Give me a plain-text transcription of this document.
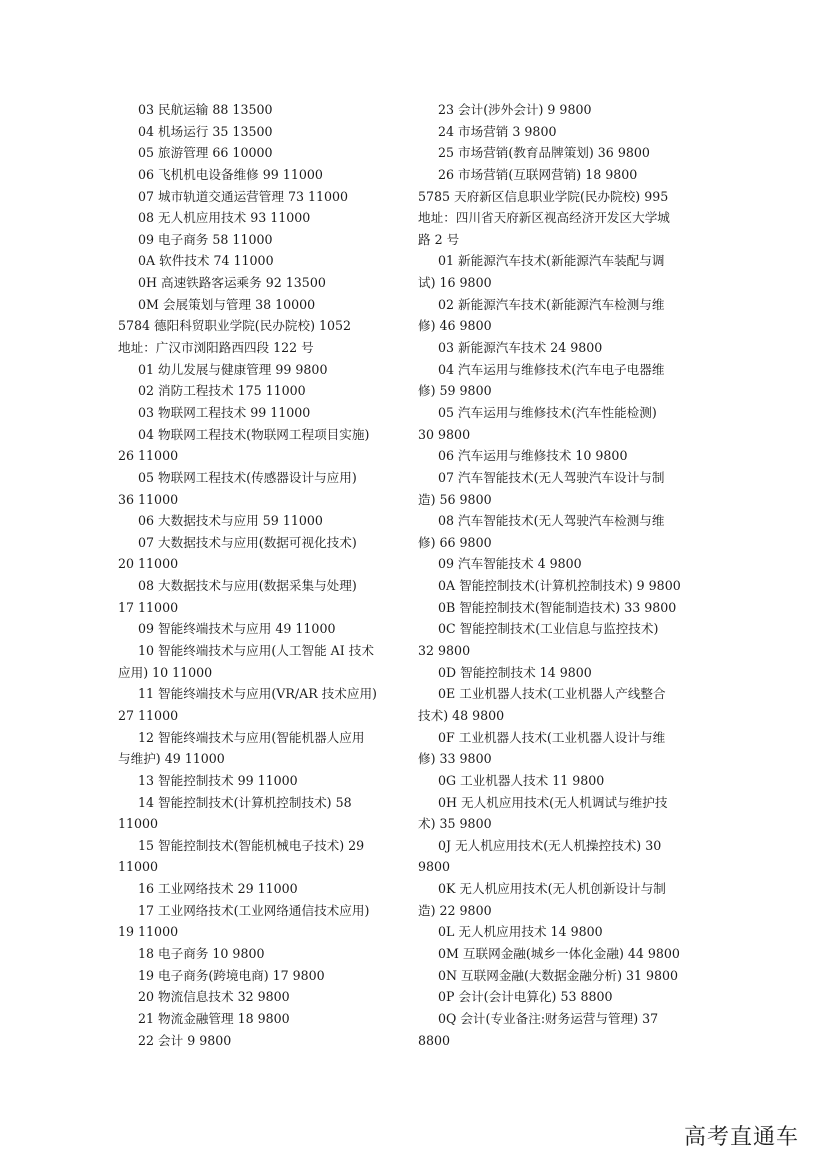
03 民航运输 88 13500
04 机场运行 35 13500
05 旅游管理 66 10000
06 飞机机电设备维修 99 11000
07 城市轨道交通运营管理 73 11000
08 无人机应用技术 93 11000
09 电子商务 58 11000
0A 软件技术 74 11000
0H 高速铁路客运乘务 92 13500
0M 会展策划与管理 38 10000
5784 德阳科贸职业学院(民办院校) 1052
地址：广汉市浏阳路西四段 122 号
01 幼儿发展与健康管理 99 9800
02 消防工程技术 175 11000
03 物联网工程技术 99 11000
04 物联网工程技术(物联网工程项目实施)
26 11000
05 物联网工程技术(传感器设计与应用)
36 11000
06 大数据技术与应用 59 11000
07 大数据技术与应用(数据可视化技术)
20 11000
08 大数据技术与应用(数据采集与处理)
17 11000
09 智能终端技术与应用 49 11000
10 智能终端技术与应用(人工智能 AI 技术
应用) 10 11000
11 智能终端技术与应用(VR/AR 技术应用)
27 11000
12 智能终端技术与应用(智能机器人应用
与维护) 49 11000
13 智能控制技术 99 11000
14 智能控制技术(计算机控制技术) 58
11000
15 智能控制技术(智能机械电子技术) 29
11000
16 工业网络技术 29 11000
17 工业网络技术(工业网络通信技术应用)
19 11000
18 电子商务 10 9800
19 电子商务(跨境电商) 17 9800
20 物流信息技术 32 9800
21 物流金融管理 18 9800
22 会计 9 9800
23 会计(涉外会计) 9 9800
24 市场营销 3 9800
25 市场营销(教育品牌策划) 36 9800
26 市场营销(互联网营销) 18 9800
5785 天府新区信息职业学院(民办院校) 995
地址：四川省天府新区视高经济开发区大学城
路 2 号
01 新能源汽车技术(新能源汽车装配与调
试) 16 9800
02 新能源汽车技术(新能源汽车检测与维
修) 46 9800
03 新能源汽车技术 24 9800
04 汽车运用与维修技术(汽车电子电器维
修) 59 9800
05 汽车运用与维修技术(汽车性能检测)
30 9800
06 汽车运用与维修技术 10 9800
07 汽车智能技术(无人驾驶汽车设计与制
造) 56 9800
08 汽车智能技术(无人驾驶汽车检测与维
修) 66 9800
09 汽车智能技术 4 9800
0A 智能控制技术(计算机控制技术) 9 9800
0B 智能控制技术(智能制造技术) 33 9800
0C 智能控制技术(工业信息与监控技术)
32 9800
0D 智能控制技术 14 9800
0E 工业机器人技术(工业机器人产线整合
技术) 48 9800
0F 工业机器人技术(工业机器人设计与维
修) 33 9800
0G 工业机器人技术 11 9800
0H 无人机应用技术(无人机调试与维护技
术) 35 9800
0J 无人机应用技术(无人机操控技术) 30
9800
0K 无人机应用技术(无人机创新设计与制
造) 22 9800
0L 无人机应用技术 14 9800
0M 互联网金融(城乡一体化金融) 44 9800
0N 互联网金融(大数据金融分析) 31 9800
0P 会计(会计电算化) 53 8800
0Q 会计(专业备注:财务运营与管理) 37
8800
高考直通车
